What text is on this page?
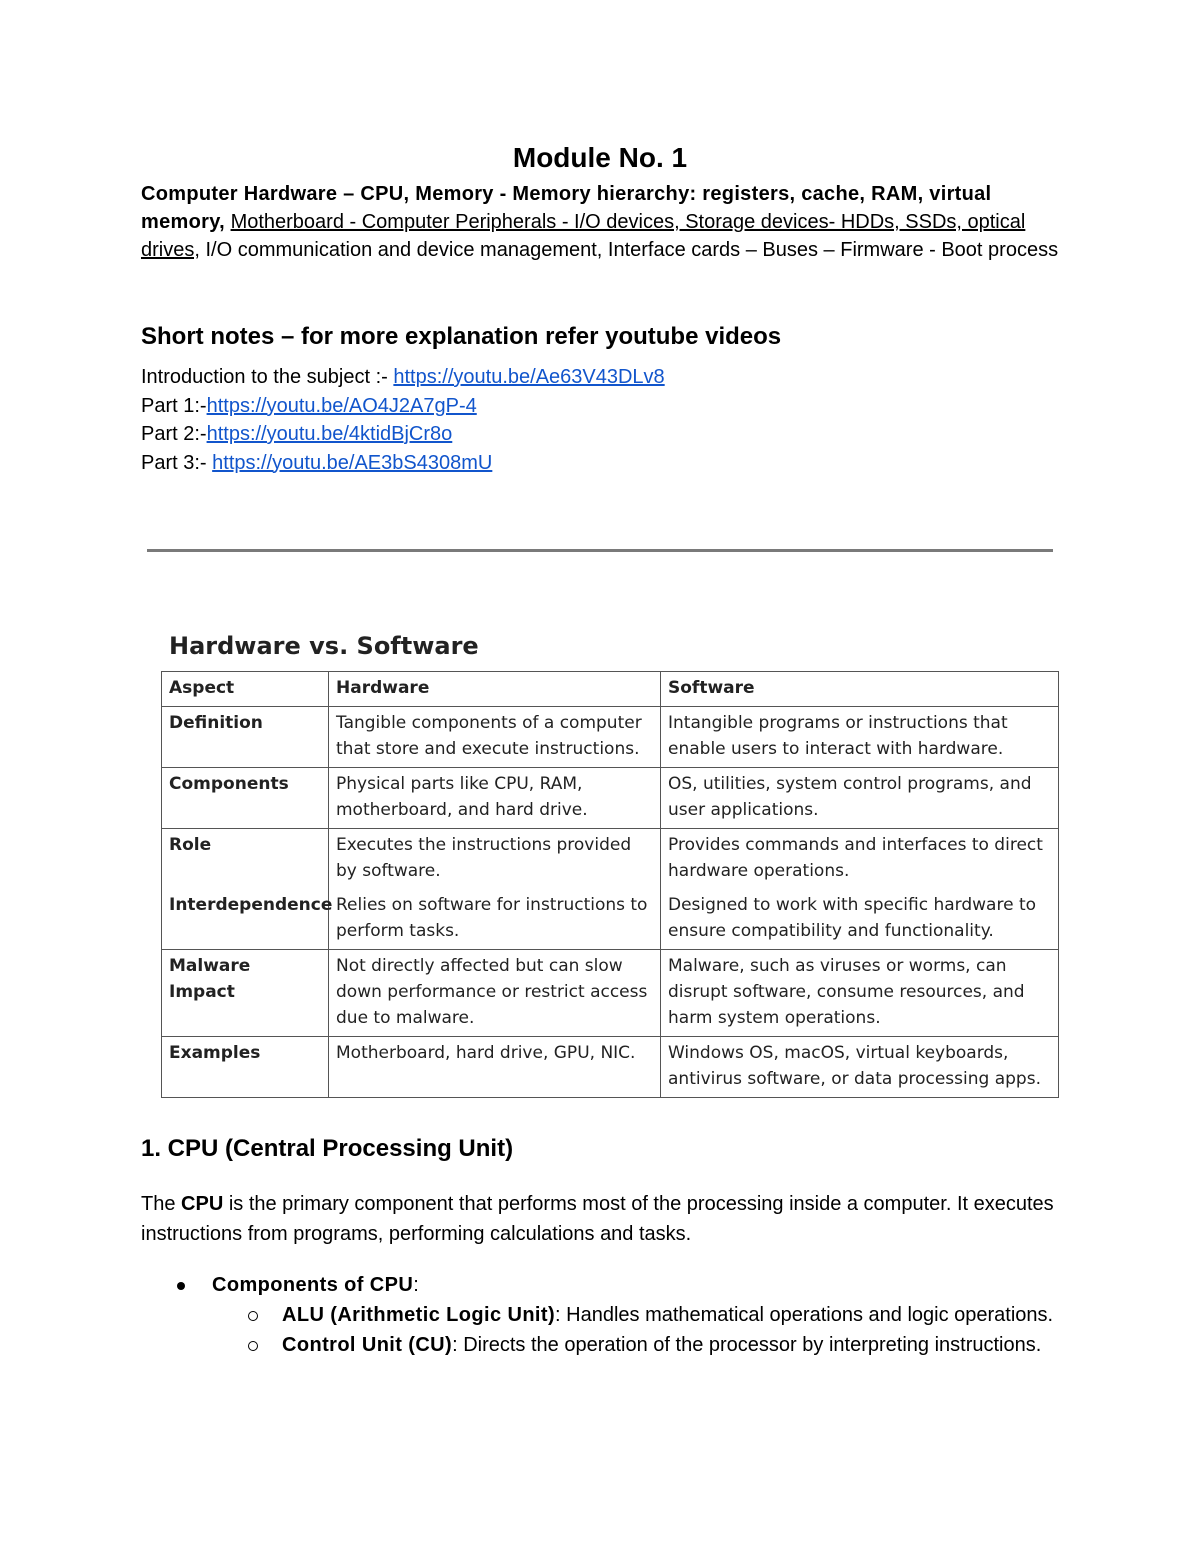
Module No. 1
Computer Hardware – CPU, Memory - Memory hierarchy: registers, cache, RAM, virtual memory, Motherboard - Computer Peripherals - I/O devices, Storage devices- HDDs, SSDs, optical drives, I/O communication and device management, Interface cards – Buses – Firmware - Boot process
Short notes – for more explanation refer youtube videos
Introduction to the subject :- https://youtu.be/Ae63V43DLv8
Part 1:-https://youtu.be/AO4J2A7gP-4
Part 2:-https://youtu.be/4ktidBjCr8o
Part 3:- https://youtu.be/AE3bS4308mU
Hardware vs. Software
Aspect	Hardware	Software
Definition	Tangible components of a computer that store and execute instructions.	Intangible programs or instructions that enable users to interact with hardware.
Components	Physical parts like CPU, RAM, motherboard, and hard drive.	OS, utilities, system control programs, and user applications.
Role	Executes the instructions provided by software.	Provides commands and interfaces to direct hardware operations.
Interdependence	Relies on software for instructions to perform tasks.	Designed to work with specific hardware to ensure compatibility and functionality.
Malware Impact	Not directly affected but can slow down performance or restrict access due to malware.	Malware, such as viruses or worms, can disrupt software, consume resources, and harm system operations.
Examples	Motherboard, hard drive, GPU, NIC.	Windows OS, macOS, virtual keyboards, antivirus software, or data processing apps.
1. CPU (Central Processing Unit)
The CPU is the primary component that performs most of the processing inside a computer. It executes instructions from programs, performing calculations and tasks.
Components of CPU:
ALU (Arithmetic Logic Unit): Handles mathematical operations and logic operations.
Control Unit (CU): Directs the operation of the processor by interpreting instructions.
